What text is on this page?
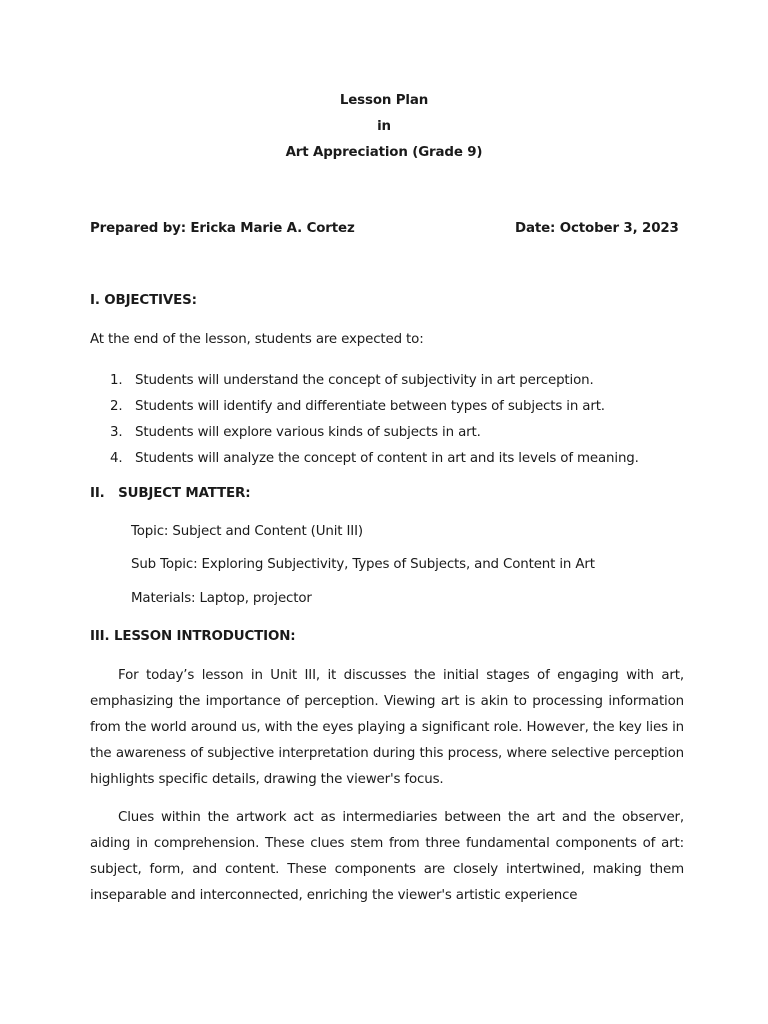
Lesson Plan
in
Art Appreciation (Grade 9)
Prepared by: Ericka Marie A. Cortez	Date: October 3, 2023
I. OBJECTIVES:
At the end of the lesson, students are expected to:
1. Students will understand the concept of subjectivity in art perception.
2. Students will identify and differentiate between types of subjects in art.
3. Students will explore various kinds of subjects in art.
4. Students will analyze the concept of content in art and its levels of meaning.
II.   SUBJECT MATTER:
Topic: Subject and Content (Unit III)
Sub Topic: Exploring Subjectivity, Types of Subjects, and Content in Art
Materials: Laptop, projector
III. LESSON INTRODUCTION:
For today’s lesson in Unit III, it discusses the initial stages of engaging with art, emphasizing the importance of perception. Viewing art is akin to processing information from the world around us, with the eyes playing a significant role. However, the key lies in the awareness of subjective interpretation during this process, where selective perception highlights specific details, drawing the viewer's focus.
Clues within the artwork act as intermediaries between the art and the observer, aiding in comprehension. These clues stem from three fundamental components of art: subject, form, and content. These components are closely intertwined, making them inseparable and interconnected, enriching the viewer's artistic experience
